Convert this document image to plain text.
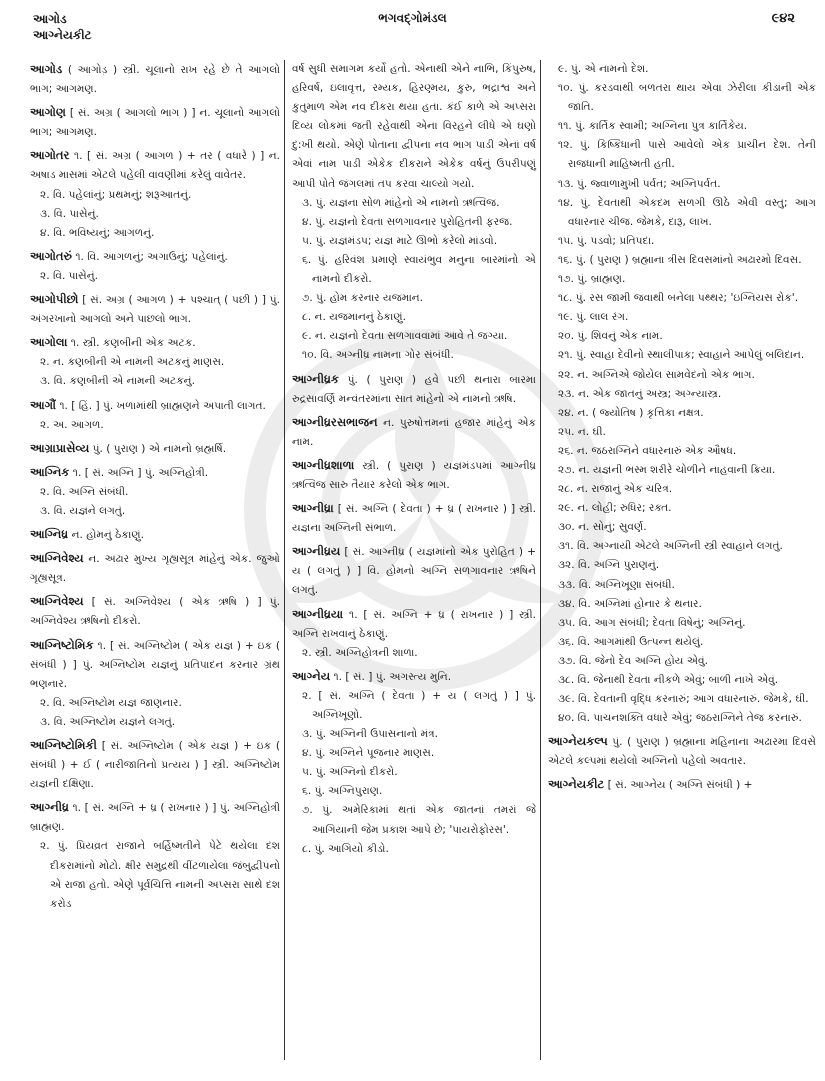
આગોડ
આગ્નેયકીટ
ભગવદ્ગોમંડલ	૯૪૨
આગોડ ( આગોડ઼ ) સ્ત્રી. ચૂલાનો રાખ રહે છે તે આગલો ભાગ; આગમણ.
આગોણ [ સં. અગ્ર ( આગલો ભાગ ) ] ન. ચૂલાનો આગલો ભાગ; આગમણ.
આગોતર ૧. [ સં. અગ્ર ( આગળ ) + તર ( વધારે ) ] ન. અષાડ માસમાં એટલે પહેલી વાવણીમાં કરેલું વાવેતર.
૨. વિ. પહેલાંનું; પ્રથમનું; શરૂઆતનું.
૩. વિ. પાસેનું.
૪. વિ. ભવિષ્યનું; આગળનું.
આગોતરું ૧. વિ. આગળનું; અગાઉનું; પહેલાંનું.
૨. વિ. પાસેનું.
આગોપીછો [ સં. અગ્ર ( આગળ ) + પશ્ચાત્ ( પછી ) ] પું. અંગરખાનો આગલો અને પાછલો ભાગ.
આગોલા ૧. સ્ત્રી. કણબીની એક અટક.
૨. ન. કણબીની એ નામની અટકનું માણસ.
૩. વિ. કણબીની એ નામની અટકનું.
આગૌં ૧. [ હિં. ] પું. ખળામાંથી બ્રાહ્મણને અપાતી લાગત.
૨. અ. આગળ.
આગ્રાપ્રાસેવ્ય પું. ( પુરાણ ) એ નામનો બ્રહ્મર્ષિ.
આગ્નિક ૧. [ સં. અગ્નિ ] પું. અગ્નિહોત્રી.
૨. વિ. અગ્નિ સંબંધી.
૩. વિ. યજ્ઞને લગતું.
આગ્નિધ્ર ન. હોમનું ઠેકાણું.
આગ્નિવેશ્ય ન. અઢાર મુખ્ય ગૃહ્યસૂત્ર માંહેનું એક. જુઓ ગૃહ્યસૂત્ર.
આગ્નિવેશ્ય [ સં. અગ્નિવેશ્ય ( એક ઋષિ ) ] પું. અગ્નિવેશ્ય ઋષિનો દીકરો.
આગ્નિષ્ટોમિક ૧. [ સં. અગ્નિષ્ટોમ ( એક યજ્ઞ ) + ઇક ( સંબંધી ) ] પું. અગ્નિષ્ટોમ યજ્ઞનું પ્રતિપાદન કરનાર ગ્રંથ ભણનાર.
૨. વિ. અગ્નિષ્ટોમ યજ્ઞ જાણનાર.
૩. વિ. અગ્નિષ્ટોમ યજ્ઞને લગતું.
આગ્નિષ્ટોમિકી [ સં. અગ્નિષ્ટોમ ( એક યજ્ઞ ) + ઇક ( સંબંધી ) + ઈ ( નારીજાતિનો પ્રત્યય ) ] સ્ત્રી. અગ્નિષ્ટોમ યજ્ઞની દક્ષિણા.
આગ્નીધ્ર ૧. [ સં. અગ્નિ + ધ્ર ( રાખનાર ) ] પું. અગ્નિહોત્રી બ્રાહ્મણ.
૨. પું. પ્રિયવ્રત રાજાને બર્હિષ્મતીને પેટે થયેલા દશ દીકરામાંનો મોટો. ક્ષીર સમુદ્રથી વીંટળાયેલા જંબુદ્વીપનો એ રાજા હતો. એણે પૂર્વચિત્તિ નામની અપ્સરા સાથે દશ કરોડ
વર્ષ સુધી સમાગમ કર્યો હતો. એનાથી એને નાભિ, કિંપુરુષ, હરિવર્ષ, ઇલાવૃત્ત, રમ્યક, હિરણ્મય, કુરુ, ભદ્રાશ્વ અને કુતુમાળ એમ નવ દીકરા થયા હતા. કંઈ કાળે એ અપ્સરા દિવ્ય લોકમાં જતી રહેવાથી એના વિરહને લીધે એ ઘણો દુ:ખી થયો. એણે પોતાના દ્વીપના નવ ભાગ પાડી એનાં વર્ષ એવાં નામ પાડી એકેક દીકરાને એકેક વર્ષનું ઉપરીપણું આપી પોતે જંગલમાં તપ કરવા ચાલ્યો ગયો.
૩. પું. યજ્ઞના સોળ માંહેનો એ નામનો ઋત્વિજ.
૪. પું. યજ્ઞનો દેવતા સળગાવનાર પુરોહિતની ફરજ.
૫. પું. યજ્ઞમંડપ; યજ્ઞ માટે ઊભો કરેલો માંડવો.
૬. પું. હરિવંશ પ્રમાણે સ્વાયંભુવ મનુના બારમાંનો એ નામનો દીકરો.
૭. પું. હોમ કરનાર યજમાન.
૮. ન. યજમાનનું ઠેકાણું.
૯. ન. યજ્ઞનો દેવતા સળગાવવામાં આવે તે જગ્યા.
૧૦. વિ. અગ્નીધ્ર નામના ગોર સંબંધી.
આગ્નીધ્રક પું. ( પુરાણ ) હવે પછી થનારા બારમા રુદ્રસાવર્ણિ મન્વંતરમાંના સાત માંહેનો એ નામનો ઋષિ.
આગ્નીધ્રરસભાજન ન. પુરુષોત્તમનાં હજાર માંહેનું એક નામ.
આગ્નીધ્રશાળા સ્ત્રી. ( પુરાણ ) યજ્ઞમંડપમાં આગ્નીધ્ર ઋત્વિજ સારુ તૈયાર કરેલો એક ભાગ.
આગ્નીધ્રા [ સં. અગ્નિ ( દેવતા ) + ધ્ર ( રાખનાર ) ] સ્ત્રી. યજ્ઞના અગ્નિની સંભાળ.
આગ્નીધ્રય [ સં. આગ્નીધ્ર ( યજ્ઞમાંનો એક પુરોહિત ) + ય ( લગતું ) ] વિ. હોમનો અગ્નિ સળગાવનાર ઋષિને લગતું.
આગ્નીધ્રયા ૧. [ સં. અગ્નિ + ધ્ર ( રાખનાર ) ] સ્ત્રી. અગ્નિ રાખવાનું ઠેકાણું.
૨. સ્ત્રી. અગ્નિહોત્રની શાળા.
આગ્નેય ૧. [ સં. ] પું. અગસ્ત્ય મુનિ.
૨. [ સં. અગ્નિ ( દેવતા ) + ય ( લગતું ) ] પું. અગ્નિખૂણો.
૩. પું. અગ્નિની ઉપાસનાનો મંત્ર.
૪. પું. અગ્નિને પૂજનાર માણસ.
૫. પું. અગ્નિનો દીકરો.
૬. પું. અગ્નિપુરાણ.
૭. પું. અમેરિકામાં થતાં એક જાતનાં તમરાં જે આગિયાની જેમ પ્રકાશ આપે છે; 'પાયરોફોરસ'.
૮. પું. આગિયો કીડો.
૯. પું. એ નામનો દેશ.
૧૦. પું. કરડવાથી બળતરા થાય એવા ઝેરીલા કીડાની એક જાતિ.
૧૧. પું. કાર્તિક સ્વામી; અગ્નિના પુત્ર કાર્તિકેય.
૧૨. પું. કિષ્કિંધાની પાસે આવેલો એક પ્રાચીન દેશ. તેની રાજધાની માહિષ્મતી હતી.
૧૩. પું. જ્વાળામુખી પર્વત; અગ્નિપર્વત.
૧૪. પું. દેવતાથી એકદમ સળગી ઊઠે એવી વસ્તુ; આગ વધારનાર ચીજ. જેમકે, દારૂ, લાખ.
૧૫. પું. પડવો; પ્રતિપદા.
૧૬. પું. ( પુરાણ ) બ્રહ્માના ત્રીસ દિવસમાંનો અઢારમો દિવસ.
૧૭. પું. બ્રાહ્મણ.
૧૮. પું. રસ જામી જવાથી બનેલા પથ્થર; 'ઇગ્નિયસ રોક'.
૧૯. પું. લાલ રંગ.
૨૦. પું. શિવનું એક નામ.
૨૧. પું. સ્વાહા દેવીનો સ્થાલીપાક; સ્વાહાને આપેલું બલિદાન.
૨૨. ન. અગ્નિએ જોયેલ સામવેદનો એક ભાગ.
૨૩. ન. એક જાતનું અસ્ત્ર; અગ્ન્યાસ્ત્ર.
૨૪. ન. ( જ્યોતિષ ) કૃત્તિકા નક્ષત્ર.
૨૫. ન. ઘી.
૨૬. ન. જઠરાગ્નિને વધારનારું એક ઔષધ.
૨૭. ન. યજ્ઞની ભસ્મ શરીરે ચોળીને નાહવાની ક્રિયા.
૨૮. ન. રાજાનું એક ચરિત્ર.
૨૯. ન. લોહી; રુધિર; રક્ત.
૩૦. ન. સોનું; સુવર્ણ.
૩૧. વિ. અગ્નાયી એટલે અગ્નિની સ્ત્રી સ્વાહાને લગતું.
૩૨. વિ. અગ્નિ પુરાણનું.
૩૩. વિ. અગ્નિખૂણા સંબંધી.
૩૪. વિ. અગ્નિમાં હોનાર કે થનાર.
૩૫. વિ. આગ સંબંધી; દેવતા વિષેનું; અગ્નિનું.
૩૬. વિ. આગમાંથી ઉત્પન્ન થયેલું.
૩૭. વિ. જેનો દેવ અગ્નિ હોય એવું.
૩૮. વિ. જેનાથી દેવતા નીકળે એવું; બાળી નાખે એવું.
૩૯. વિ. દેવતાની વૃદ્ધિ કરનારું; આગ વધારનારું. જેમકે, ઘી.
૪૦. વિ. પાચનશક્તિ વધારે એવું; જઠરાગ્નિને તેજ કરનારું.
આગ્નેયકલ્પ પું. ( પુરાણ ) બ્રહ્માના મહિનાના અઢારમા દિવસે એટલે કલ્પમાં થયેલો અગ્નિનો પહેલો અવતાર.
આગ્નેયકીટ [ સં. આગ્નેય ( અગ્નિ સંબંધી ) +
